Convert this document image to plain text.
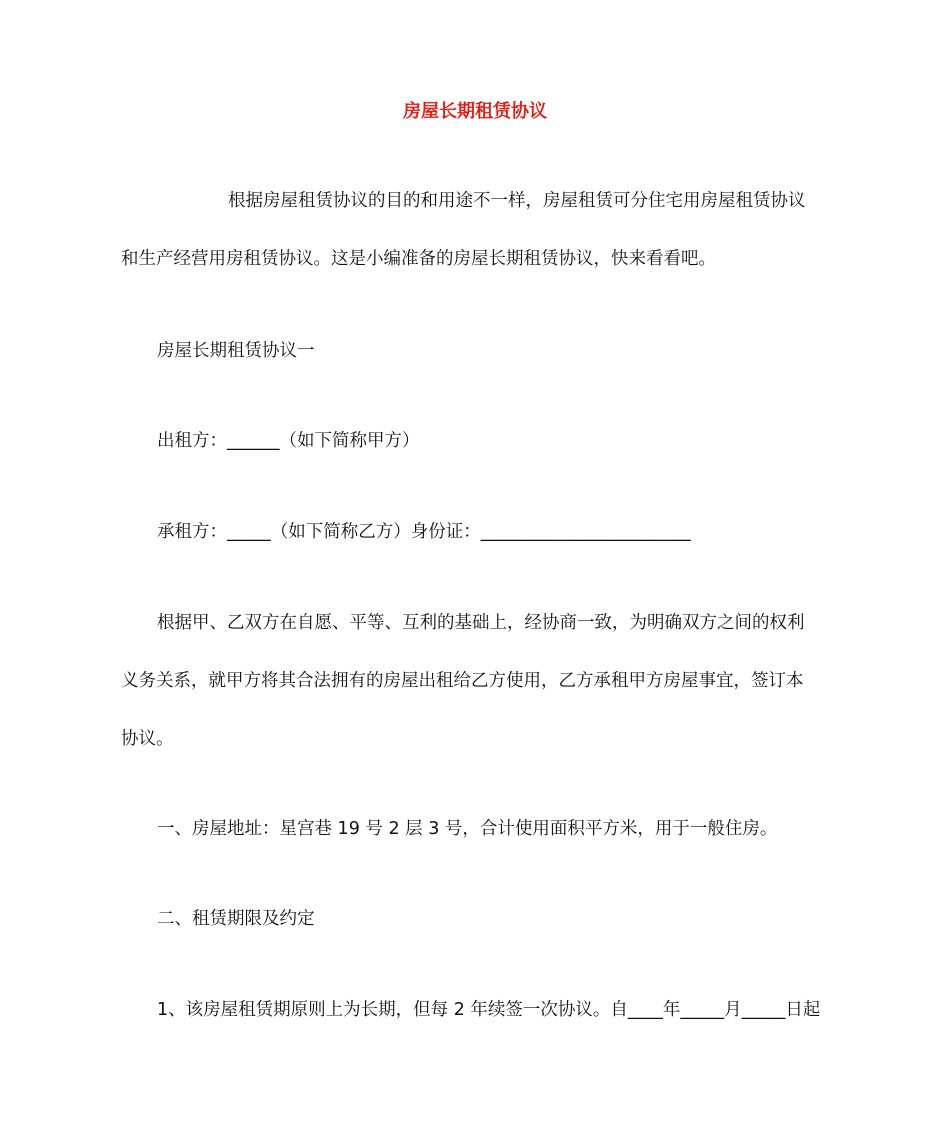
房屋长期租赁协议
根据房屋租赁协议的目的和用途不一样，房屋租赁可分住宅用房屋租赁协议
和生产经营用房租赁协议。这是小编准备的房屋长期租赁协议，快来看看吧。
房屋长期租赁协议一
出租方：______（如下简称甲方）
承租方：_____（如下简称乙方）身份证：________________________
根据甲、乙双方在自愿、平等、互利的基础上，经协商一致，为明确双方之间的权利
义务关系，就甲方将其合法拥有的房屋出租给乙方使用，乙方承租甲方房屋事宜，签订本
协议。
一、房屋地址：星宫巷 19 号 2 层 3 号，合计使用面积平方米，用于一般住房。
二、租赁期限及约定
1、该房屋租赁期原则上为长期，但每 2 年续签一次协议。自____年_____月_____日起
